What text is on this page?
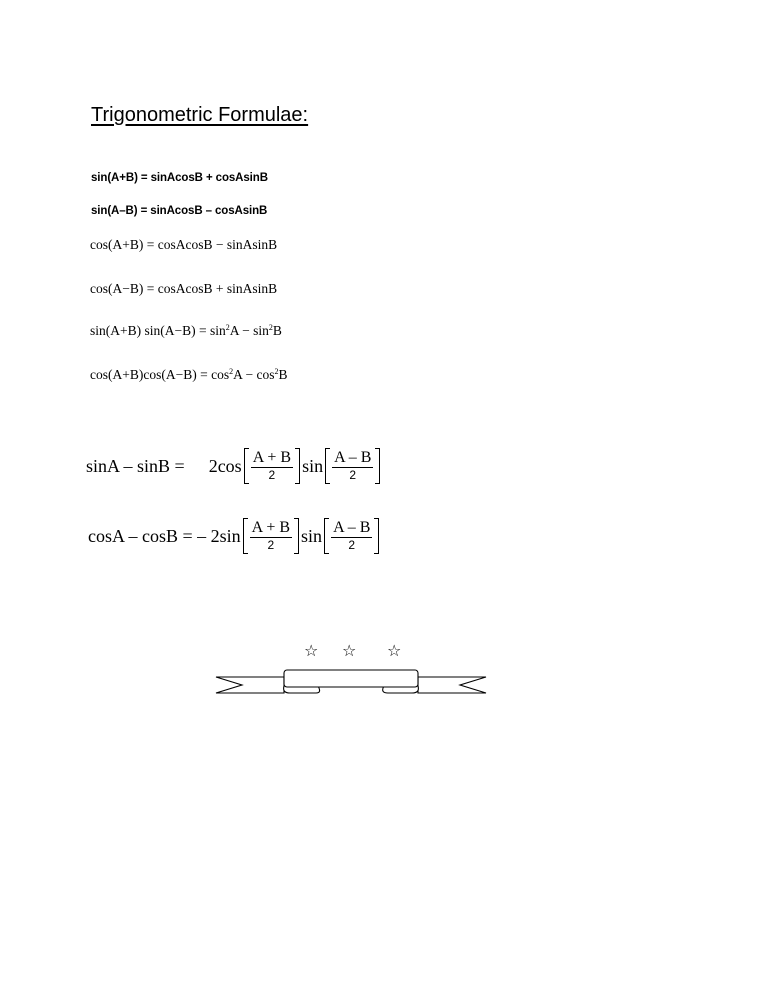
Trigonometric Formulae:
sin(A+B) = sinAcosB + cosAsinB
sin(A–B) = sinAcosB – cosAsinB
cos(A+B) = cosAcosB − sinAsinB
cos(A−B) = cosAcosB + sinAsinB
sin(A+B) $\sin(A-B) = \sin^2A - \sin^2B$
$\cos(A+B)\cos(A-B) = \cos^2A - \cos^2B$
$\sin A - \sin B = 2\cos \frac{A + B}{2}$ $\sin \frac{A - B}{2}$
cosA – cosB = – $2\sin \frac{A + B}{2}$ $\sin \frac{A - B}{2}$
☆ ☆ ☆
